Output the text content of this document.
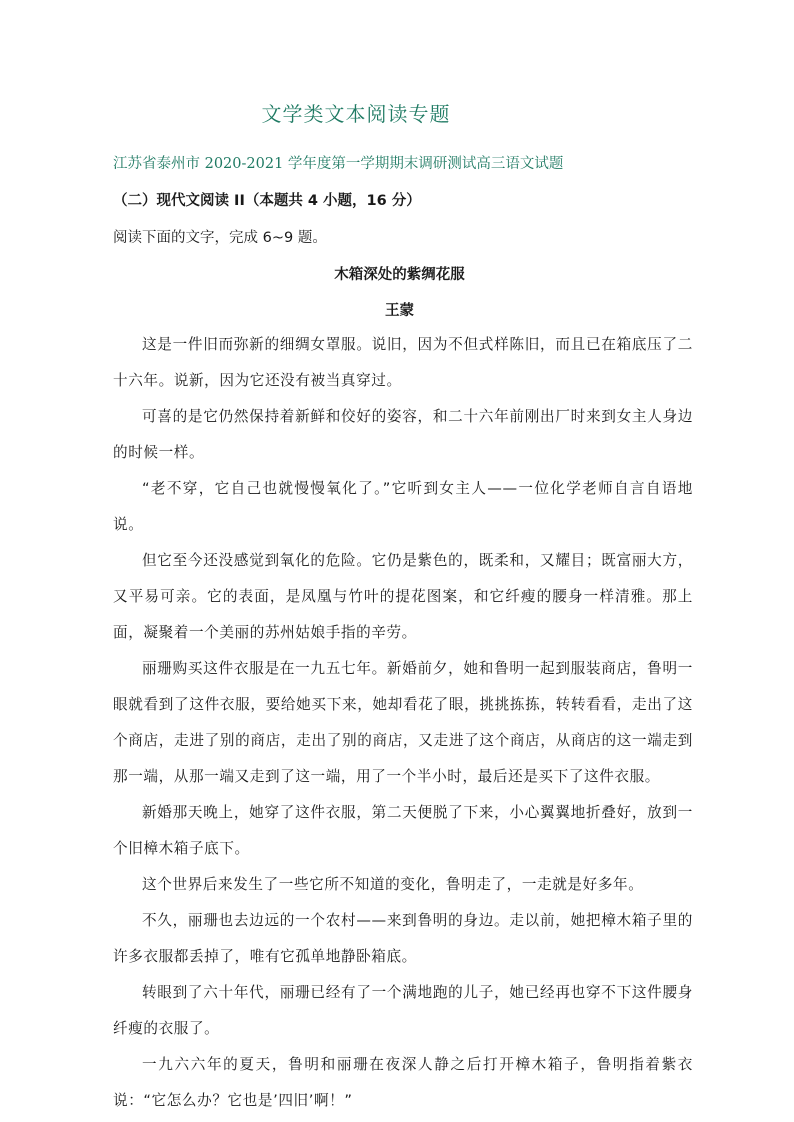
文学类文本阅读专题
江苏省泰州市 2020-2021 学年度第一学期期末调研测试高三语文试题
（二）现代文阅读 II（本题共 4 小题，16 分）
阅读下面的文字，完成 6~9 题。
木箱深处的紫绸花服
王蒙

这是一件旧而弥新的细绸女罩服。说旧，因为不但式样陈旧，而且已在箱底压了二十六年。说新，因为它还没有被当真穿过。

可喜的是它仍然保持着新鲜和佼好的姿容，和二十六年前刚出厂时来到女主人身边的时候一样。

“老不穿，它自己也就慢慢氧化了。”它听到女主人——一位化学老师自言自语地说。

但它至今还没感觉到氧化的危险。它仍是紫色的，既柔和，又耀目；既富丽大方，又平易可亲。它的表面，是凤凰与竹叶的提花图案，和它纤瘦的腰身一样清雅。那上面，凝聚着一个美丽的苏州姑娘手指的辛劳。

丽珊购买这件衣服是在一九五七年。新婚前夕，她和鲁明一起到服装商店，鲁明一眼就看到了这件衣服，要给她买下来，她却看花了眼，挑挑拣拣，转转看看，走出了这个商店，走进了别的商店，走出了别的商店，又走进了这个商店，从商店的这一端走到那一端，从那一端又走到了这一端，用了一个半小时，最后还是买下了这件衣服。

新婚那天晚上，她穿了这件衣服，第二天便脱了下来，小心翼翼地折叠好，放到一个旧樟木箱子底下。

这个世界后来发生了一些它所不知道的变化，鲁明走了，一走就是好多年。

不久，丽珊也去边远的一个农村——来到鲁明的身边。走以前，她把樟木箱子里的许多衣服都丢掉了，唯有它孤单地静卧箱底。

转眼到了六十年代，丽珊已经有了一个满地跑的儿子，她已经再也穿不下这件腰身纤瘦的衣服了。

一九六六年的夏天，鲁明和丽珊在夜深人静之后打开樟木箱子，鲁明指着紫衣说：“它怎么办？它也是’四旧’啊！”
